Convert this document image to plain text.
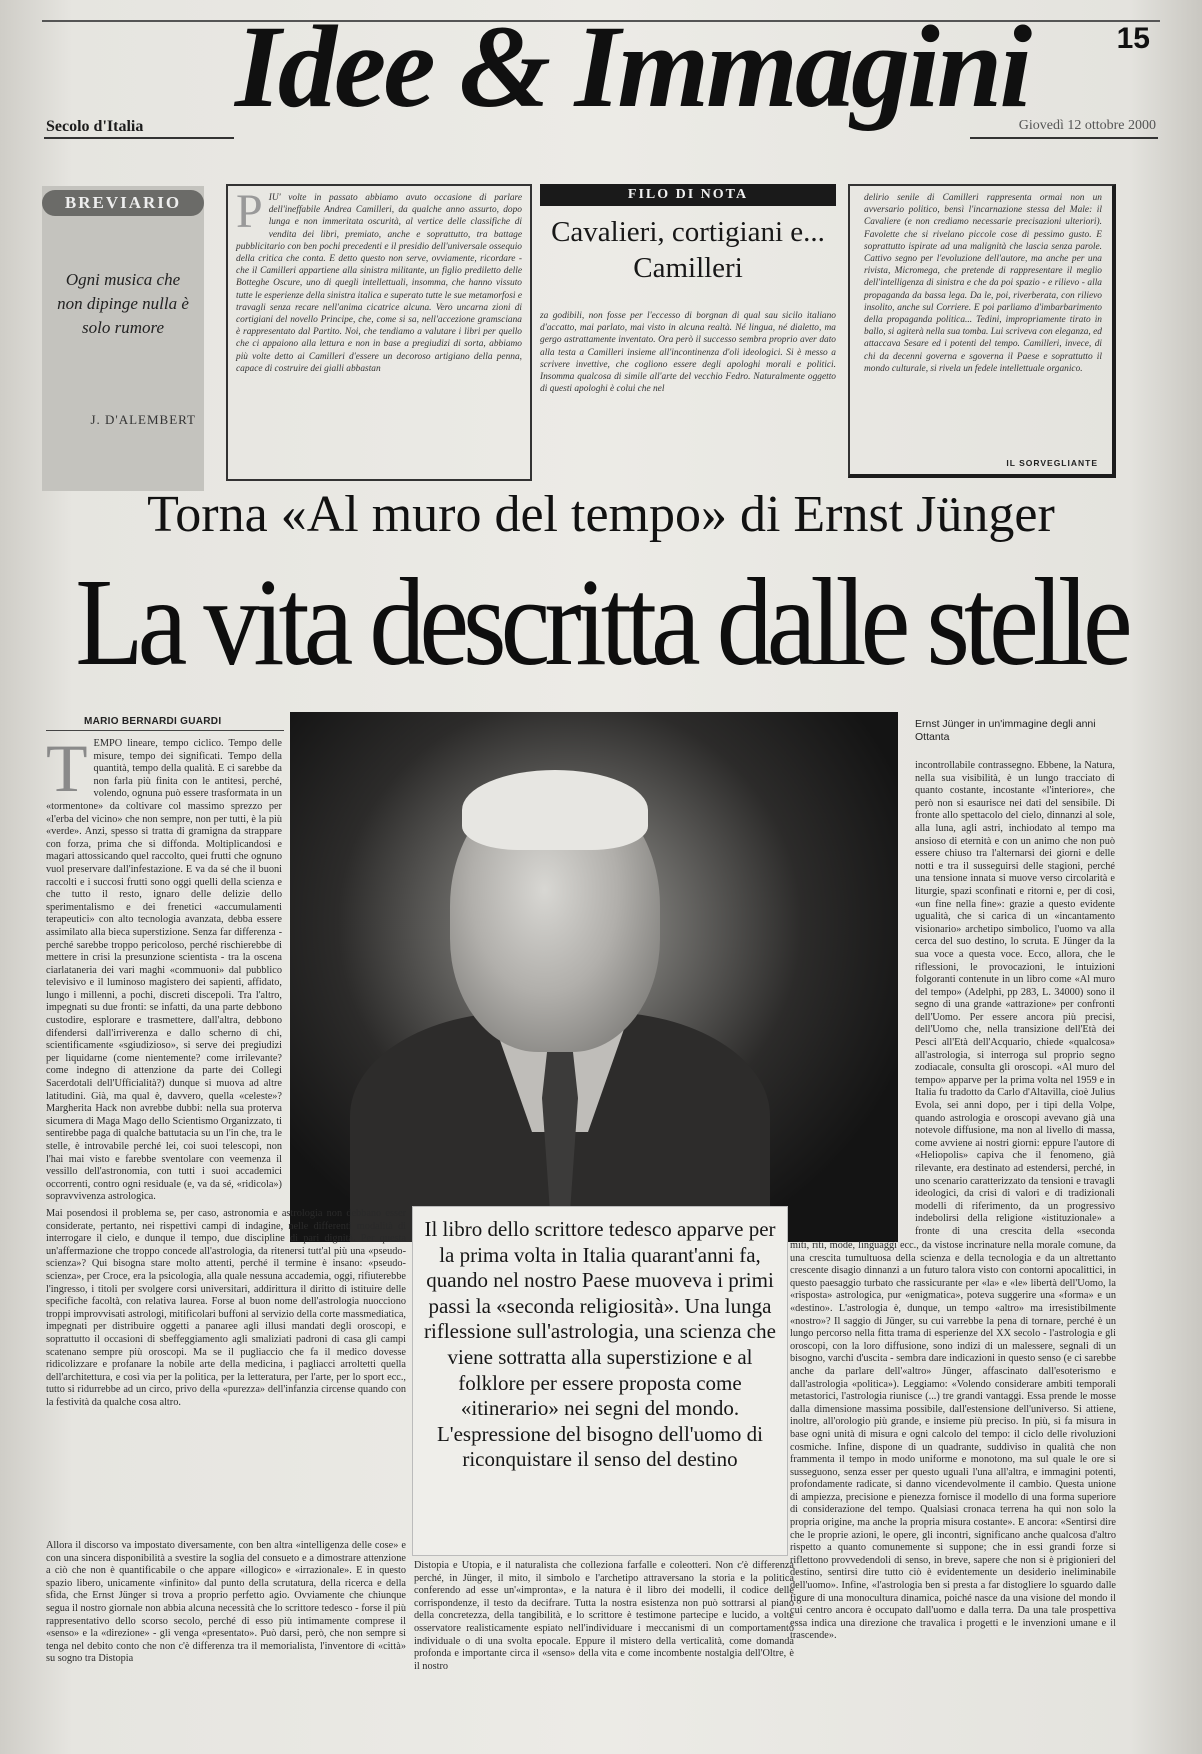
15
Idee & Immagini
Secolo d'Italia	Giovedì 12 ottobre 2000
BREVIARIO
Ogni musica che non dipinge nulla è solo rumore
J. D'ALEMBERT
P IU' volte in passato abbiamo avuto occasione di parlare dell'ineffabile Andrea Camilleri, da qualche anno assurto, dopo lunga e non immeritata oscurità, al vertice delle classifiche di vendita dei libri, premiato, anche e soprattutto, tra battage pubblicitario con ben pochi precedenti e il presidio dell'universale ossequio della critica che conta. E detto questo non serve, ovviamente, ricordare - che il Camilleri appartiene alla sinistra militante, un figlio prediletto delle Botteghe Oscure, uno di quegli intellettuali, insomma, che hanno vissuto tutte le esperienze della sinistra italica e superato tutte le sue metamorfosi e travagli senza recare nell'anima cicatrice alcuna. Vero uncarna zioni di cortigiani del novello Principe, che, come si sa, nell'accezione gramsciana è rappresentato dal Partito. Noi, che tendiamo a valutare i libri per quello che ci appaiono alla lettura e non in base a pregiudizi di sorta, abbiamo più volte detto ai Camilleri d'essere un decoroso artigiano della penna, capace di costruire dei gialli abbastan

FILO DI NOTA
Cavalieri, cortigiani e... Camilleri

za godibili, non fosse per l'eccesso di borgnan di qual sau sicilo italiano d'accatto, mai parlato, mai visto in alcuna realtà. Né lingua, né dialetto, ma gergo astrattamente inventato. Ora però il successo sembra proprio aver dato alla testa a Camilleri insieme all'incontinenza d'oli ideologici. Si è messo a scrivere invettive, che cogliono essere degli apologhi morali e politici. Insomma qualcosa di simile all'arte del vecchio Fedro. Naturalmente oggetto di questi apologhi è colui che nel

delirio senile di Camilleri rappresenta ormai non un avversario politico, bensì l'incarnazione stessa del Male: il Cavaliere (e non crediamo necessarie precisazioni ulteriori). Favolette che si rivelano piccole cose di pessimo gusto. E soprattutto ispirate ad una malignità che lascia senza parole. Cattivo segno per l'evoluzione dell'autore, ma anche per una rivista, Micromega, che pretende di rappresentare il meglio dell'intelligenza di sinistra e che da poi spazio - e rilievo - alla propaganda da bassa lega. Da le, poi, riverberata, con rilievo insolito, anche sul Corriere. E poi parliamo d'imbarbarimento della propaganda politica... Tedini, impropriamente tirato in ballo, si agiterà nella sua tomba. Lui scriveva con eleganza, ed attaccava Sesare ed i potenti del tempo. Camilleri, invece, di chi da decenni governa e sgoverna il Paese e soprattutto il mondo culturale, si rivela un fedele intellettuale organico.

IL SORVEGLIANTE
Torna «Al muro del tempo» di Ernst Jünger
La vita descritta dalle stelle
MARIO BERNARDI GUARDI
T EMPO lineare, tempo ciclico. Tempo delle misure, tempo dei significati. Tempo della quantità, tempo della qualità. E ci sarebbe da non farla più finita con le antitesi, perché, volendo, ognuna può essere trasformata in un «tormentone» da coltivare col massimo sprezzo per «l'erba del vicino» che non sempre, non per tutti, è la più «verde». Anzi, spesso si tratta di gramigna da strappare con forza, prima che si diffonda. Moltiplicandosi e magari attossicando quel raccolto, quei frutti che ognuno vuol preservare dall'infestazione. E va da sé che il buoni raccolti e i succosi frutti sono oggi quelli della scienza e che tutto il resto, ignaro delle delizie dello sperimentalismo e dei frenetici «accumulamenti terapeutici» con alto tecnologia avanzata, debba essere assimilato alla bieca superstizione. Senza far differenza - perché sarebbe troppo pericoloso, perché rischierebbe di mettere in crisi la presunzione scientista - tra la oscena ciarlataneria dei vari maghi «commuoni» dal pubblico televisivo e il luminoso magistero dei sapienti, affidato, lungo i millenni, a pochi, discreti discepoli. Tra l'altro, impegnati su due fronti: se infatti, da una parte debbono custodire, esplorare e trasmettere, dall'altra, debbono difendersi dall'irriverenza e dallo scherno di chi, scientificamente «sgiudizioso», si serve dei pregiudizi per liquidarne (come nientemente? come irrilevante? come indegno di attenzione da parte dei Collegi Sacerdotali dell'Ufficialità?) dunque si muova ad altre latitudini. Già, ma qual è, davvero, quella «celeste»? Margherita Hack non avrebbe dubbi: nella sua proterva sicumera di Maga Mago dello Scientismo Organizzato, ti sentirebbe paga di qualche battutacia su un l'in che, tra le stelle, è introvabile perché lei, coi suoi telescopi, non l'hai mai visto e farebbe sventolare con veemenza il vessillo dell'astronomia, con tutti i suoi accademici occorrenti, contro ogni residuale (e, va da sé, «ridicola») sopravvivenza astrologica.
Ernst Jünger in un'immagine degli anni Ottanta
incontrollabile contrassegno. Ebbene, la Natura, nella sua visibilità, è un lungo tracciato di quanto costante, incostante «l'interiore», che però non si esaurisce nei dati del sensibile. Di fronte allo spettacolo del cielo, dinnanzi al sole, alla luna, agli astri, inchiodato al tempo ma ansioso di eternità e con un animo che non può essere chiuso tra l'alternarsi dei giorni e delle notti e tra il susseguirsi delle stagioni, perché una tensione innata si muove verso circolarità e liturgie, spazi sconfinati e ritorni e, per di così, «un fine nella fine»: grazie a questo evidente ugualità, che si carica di un «incantamento visionario» archetipo simbolico, l'uomo va alla cerca del suo destino, lo scruta. E Jünger da la sua voce a questa voce. Ecco, allora, che le riflessioni, le provocazioni, le intuizioni folgoranti contenute in un libro come «Al muro del tempo» (Adelphi, pp 283, L. 34000) sono il segno di una grande «attrazione» per confronti dell'Uomo. Per essere ancora più precisi, dell'Uomo che, nella transizione dell'Età dei Pesci all'Età dell'Acquario, chiede «qualcosa» all'astrologia, si interroga sul proprio segno zodiacale, consulta gli oroscopi. «Al muro del tempo» apparve per la prima volta nel 1959 e in Italia fu tradotto da Carlo d'Altavilla, cioè Julius Evola, sei anni dopo, per i tipi della Volpe, quando astrologia e oroscopi avevano già una notevole diffusione, ma non al livello di massa, come avviene ai nostri giorni: eppure l'autore di «Heliopolis» capiva che il fenomeno, già rilevante, era destinato ad estendersi, perché, in uno scenario caratterizzato da tensioni e travagli ideologici, da crisi di valori e di tradizionali modelli di riferimento, da un progressivo indebolirsi della religione «istituzionale» a fronte di una crescita della «seconda
miti, riti, mode, linguaggi ecc., da vistose incrinature nella morale comune, da una crescita tumultuosa della scienza e della tecnologia e da un altrettanto crescente disagio dinnanzi a un futuro talora visto con contorni apocalittici, in questo paesaggio turbato che rassicurante per «la» e «le» libertà dell'Uomo, la «risposta» astrologica, pur «enigmatica», poteva suggerire una «forma» e un «destino». L'astrologia è, dunque, un tempo «altro» ma irresistibilmente «nostro»? Il saggio di Jünger, su cui varrebbe la pena di tornare, perché è un lungo percorso nella fitta trama di esperienze del XX secolo - l'astrologia e gli oroscopi, con la loro diffusione, sono indizi di un malessere, segnali di un bisogno, varchi d'uscita - sembra dare indicazioni in questo senso (e ci sarebbe anche da parlare dell'«altro» Jünger, affascinato dall'esoterismo e dall'astrologia «politica»). Leggiamo: «Volendo considerare ambiti temporali metastorici, l'astrologia riunisce (...) tre grandi vantaggi. Essa prende le mosse dalla dimensione massima possibile, dall'estensione dell'universo. Si attiene, inoltre, all'orologio più grande, e insieme più preciso. In più, si fa misura in base ogni unità di misura e ogni calcolo del tempo: il ciclo delle rivoluzioni cosmiche. Infine, dispone di un quadrante, suddiviso in qualità che non frammenta il tempo in modo uniforme e monotono, ma sul quale le ore si susseguono, senza esser per questo uguali l'una all'altra, e immagini potenti, profondamente radicate, si danno vicendevolmente il cambio. Questa unione di ampiezza, precisione e pienezza fornisce il modello di una forma superiore di considerazione del tempo. Qualsiasi cronaca terrena ha qui non solo la propria origine, ma anche la propria misura costante». E ancora: «Sentirsi dire che le proprie azioni, le opere, gli incontri, significano anche qualcosa d'altro rispetto a quanto comunemente si suppone; che in essi grandi forze si riflettono provvedendoli di senso, in breve, sapere che non si è prigionieri del destino, sentirsi dire tutto ciò è evidentemente un desiderio ineliminabile dell'uomo». Infine, «l'astrologia ben si presta a far distogliere lo sguardo dalle figure di una monocultura dinamica, poiché nasce da una visione del mondo il cui centro ancora è occupato dall'uomo e dalla terra. Da una tale prospettiva essa indica una direzione che travalica i progetti e le invenzioni umane e il trascende».
Mai posendosi il problema se, per caso, astronomia e astrologia non debbano esser considerate, pertanto, nei rispettivi campi di indagine, nelle differenti modalità di interrogare il cielo, e dunque il tempo, due discipline di pari dignità. Per questa un'affermazione che troppo concede all'astrologia, da ritenersi tutt'al più una «pseudo-scienza»? Qui bisogna stare molto attenti, perché il termine è insano: «pseudo-scienza», per Croce, era la psicologia, alla quale nessuna accademia, oggi, rifiuterebbe l'ingresso, i titoli per svolgere corsi universitari, addirittura il diritto di istituire delle specifiche facoltà, con relativa laurea. Forse al buon nome dell'astrologia nuocciono troppi improvvisati astrologi, mitificolari buffoni al servizio della corte massmediatica, impegnati per distribuire oggetti a panaree agli illusi mandati degli oroscopi, e soprattutto il occasioni di sbeffeggiamento agli smaliziati padroni di casa gli campi scatenano sempre più oroscopi. Ma se il pugliaccio che fa il medico dovesse ridicolizzare e profanare la nobile arte della medicina, i pagliacci arroltetti quella dell'architettura, e così via per la politica, per la letteratura, per l'arte, per lo sport ecc., tutto si ridurrebbe ad un circo, privo della «purezza» dell'infanzia circense quando con la festività da qualche cosa altro.
Allora il discorso va impostato diversamente, con ben altra «intelligenza delle cose» e con una sincera disponibilità a svestire la soglia del consueto e a dimostrare attenzione a ciò che non è quantificabile o che appare «illogico» e «irrazionale». E in questo spazio libero, unicamente «infinito» dal punto della scrutatura, della ricerca e della sfida, che Ernst Jünger si trova a proprio perfetto agio. Ovviamente che chiunque segua il nostro giornale non abbia alcuna necessità che lo scrittore tedesco - forse il più rappresentativo dello scorso secolo, perché di esso più intimamente comprese il «senso» e la «direzione» - gli venga «presentato». Può darsi, però, che non sempre si tenga nel debito conto che non c'è differenza tra il memorialista, l'inventore di «città» su sogno tra Distopia
Distopia e Utopia, e il naturalista che colleziona farfalle e coleotteri. Non c'è differenza perché, in Jünger, il mito, il simbolo e l'archetipo attraversano la storia e la politica conferendo ad esse un'«impronta», e la natura è il libro dei modelli, il codice delle corrispondenze, il testo da decifrare. Tutta la nostra esistenza non può sottrarsi al piano della concretezza, della tangibilità, e lo scrittore è testimone partecipe e lucido, a volte osservatore realisticamente espiato nell'individuare i meccanismi di un comportamento individuale o di una svolta epocale. Eppure il mistero della verticalità, come domanda profonda e importante circa il «senso» della vita e come incombente nostalgia dell'Oltre, è il nostro
Il libro dello scrittore tedesco apparve per la prima volta in Italia quarant'anni fa, quando nel nostro Paese muoveva i primi passi la «seconda religiosità». Una lunga riflessione sull'astrologia, una scienza che viene sottratta alla superstizione e al folklore per essere proposta come «itinerario» nei segni del mondo. L'espressione del bisogno dell'uomo di riconquistare il senso del destino
